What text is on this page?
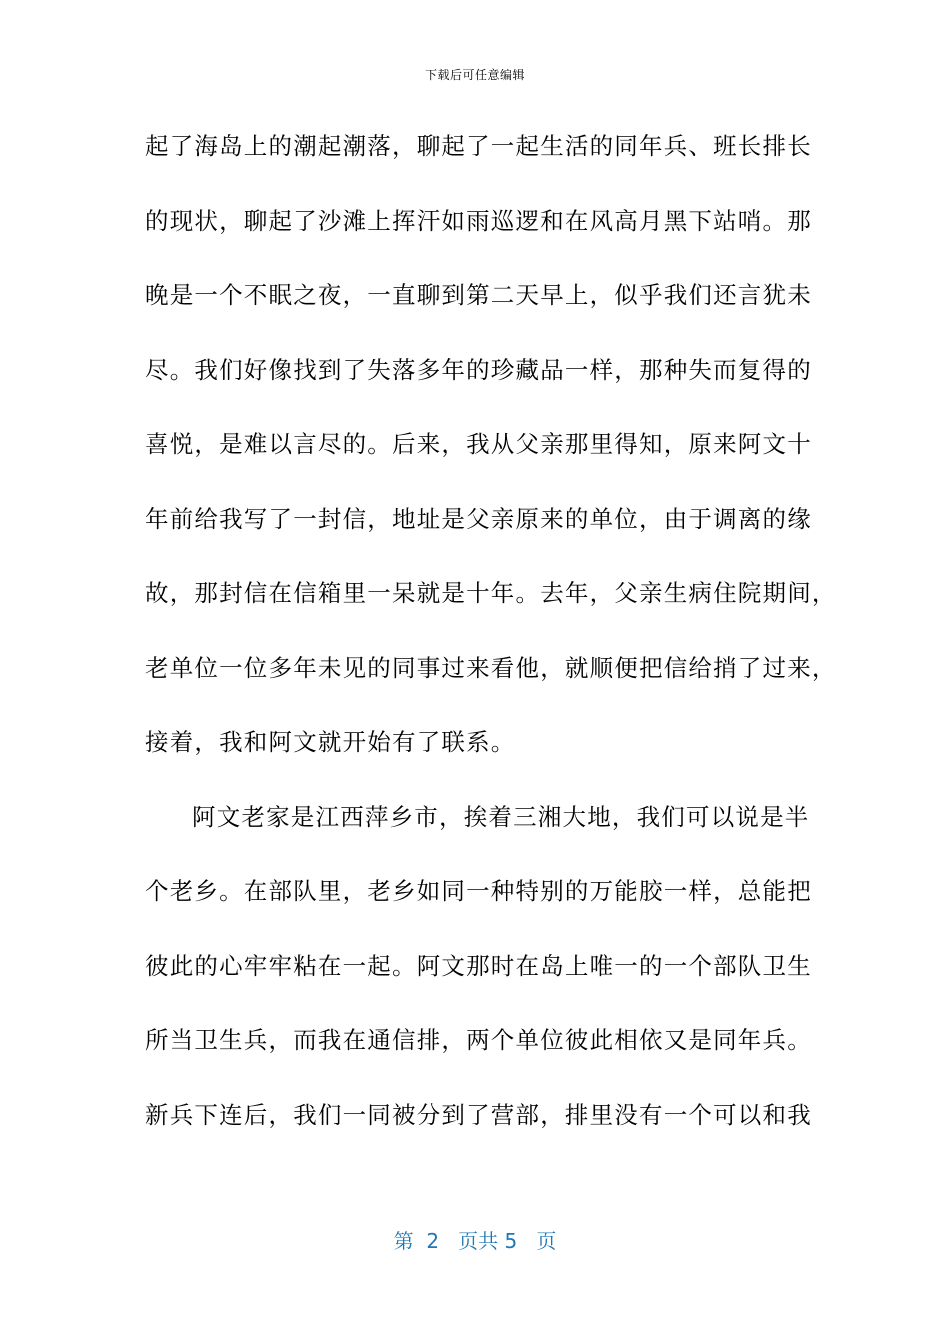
下载后可任意编辑
起了海岛上的潮起潮落，聊起了一起生活的同年兵、班长排长
的现状，聊起了沙滩上挥汗如雨巡逻和在风高月黑下站哨。那
晚是一个不眠之夜，一直聊到第二天早上，似乎我们还言犹未
尽。我们好像找到了失落多年的珍藏品一样，那种失而复得的
喜悦，是难以言尽的。后来，我从父亲那里得知，原来阿文十
年前给我写了一封信，地址是父亲原来的单位，由于调离的缘
故，那封信在信箱里一呆就是十年。去年，父亲生病住院期间，
老单位一位多年未见的同事过来看他，就顺便把信给捎了过来，
接着，我和阿文就开始有了联系。
阿文老家是江西萍乡市，挨着三湘大地，我们可以说是半
个老乡。在部队里，老乡如同一种特别的万能胶一样，总能把
彼此的心牢牢粘在一起。阿文那时在岛上唯一的一个部队卫生
所当卫生兵，而我在通信排，两个单位彼此相依又是同年兵。
新兵下连后，我们一同被分到了营部，排里没有一个可以和我
第  2   页共 5   页
